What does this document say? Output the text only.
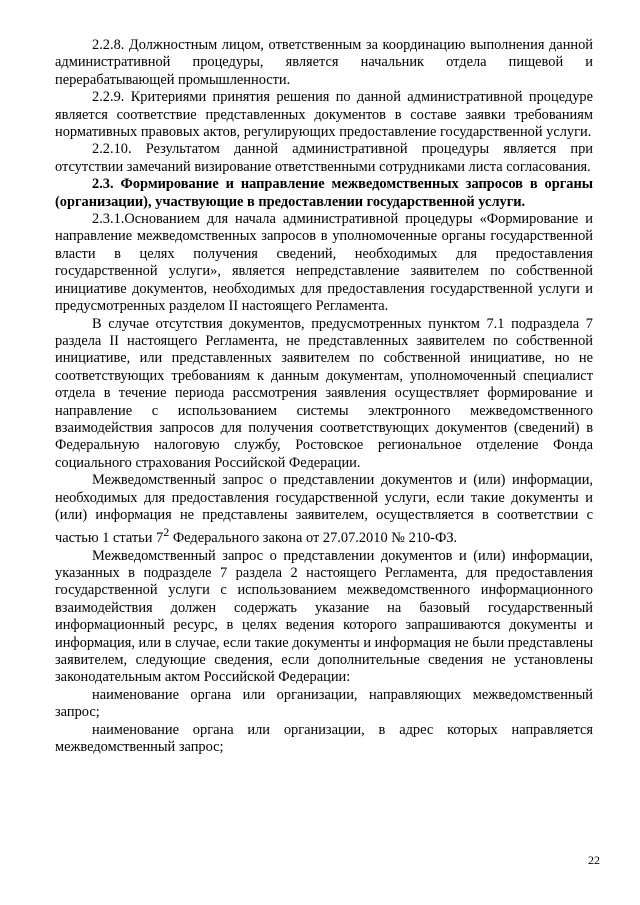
2.2.8. Должностным лицом, ответственным за координацию выполнения данной административной процедуры, является начальник отдела пищевой и перерабатывающей промышленности.

2.2.9. Критериями принятия решения по данной административной процедуре является соответствие представленных документов в составе заявки требованиям нормативных правовых актов, регулирующих предоставление государственной услуги.

2.2.10. Результатом данной административной процедуры является при отсутствии замечаний визирование ответственными сотрудниками листа согласования.

2.3. Формирование и направление межведомственных запросов в органы (организации), участвующие в предоставлении государственной услуги.

2.3.1.Основанием для начала административной процедуры «Формирование и направление межведомственных запросов в уполномоченные органы государственной власти в целях получения сведений, необходимых для предоставления государственной услуги», является непредставление заявителем по собственной инициативе документов, необходимых для предоставления государственной услуги и предусмотренных разделом II настоящего Регламента.

В случае отсутствия документов, предусмотренных пунктом 7.1 подраздела 7 раздела II настоящего Регламента, не представленных заявителем по собственной инициативе, или представленных заявителем по собственной инициативе, но не соответствующих требованиям к данным документам, уполномоченный специалист отдела в течение периода рассмотрения заявления осуществляет формирование и направление с использованием системы электронного межведомственного взаимодействия запросов для получения соответствующих документов (сведений) в Федеральную налоговую службу, Ростовское региональное отделение Фонда социального страхования Российской Федерации.

Межведомственный запрос о представлении документов и (или) информации, необходимых для предоставления государственной услуги, если такие документы и (или) информация не представлены заявителем, осуществляется в соответствии с частью 1 статьи $7^2$ Федерального закона от 27.07.2010 № 210-ФЗ.

Межведомственный запрос о представлении документов и (или) информации, указанных в подразделе 7 раздела 2 настоящего Регламента, для предоставления государственной услуги с использованием межведомственного информационного взаимодействия должен содержать указание на базовый государственный информационный ресурс, в целях ведения которого запрашиваются документы и информация, или в случае, если такие документы и информация не были представлены заявителем, следующие сведения, если дополнительные сведения не установлены законодательным актом Российской Федерации:

наименование органа или организации, направляющих межведомственный запрос;

наименование органа или организации, в адрес которых направляется межведомственный запрос;

22
